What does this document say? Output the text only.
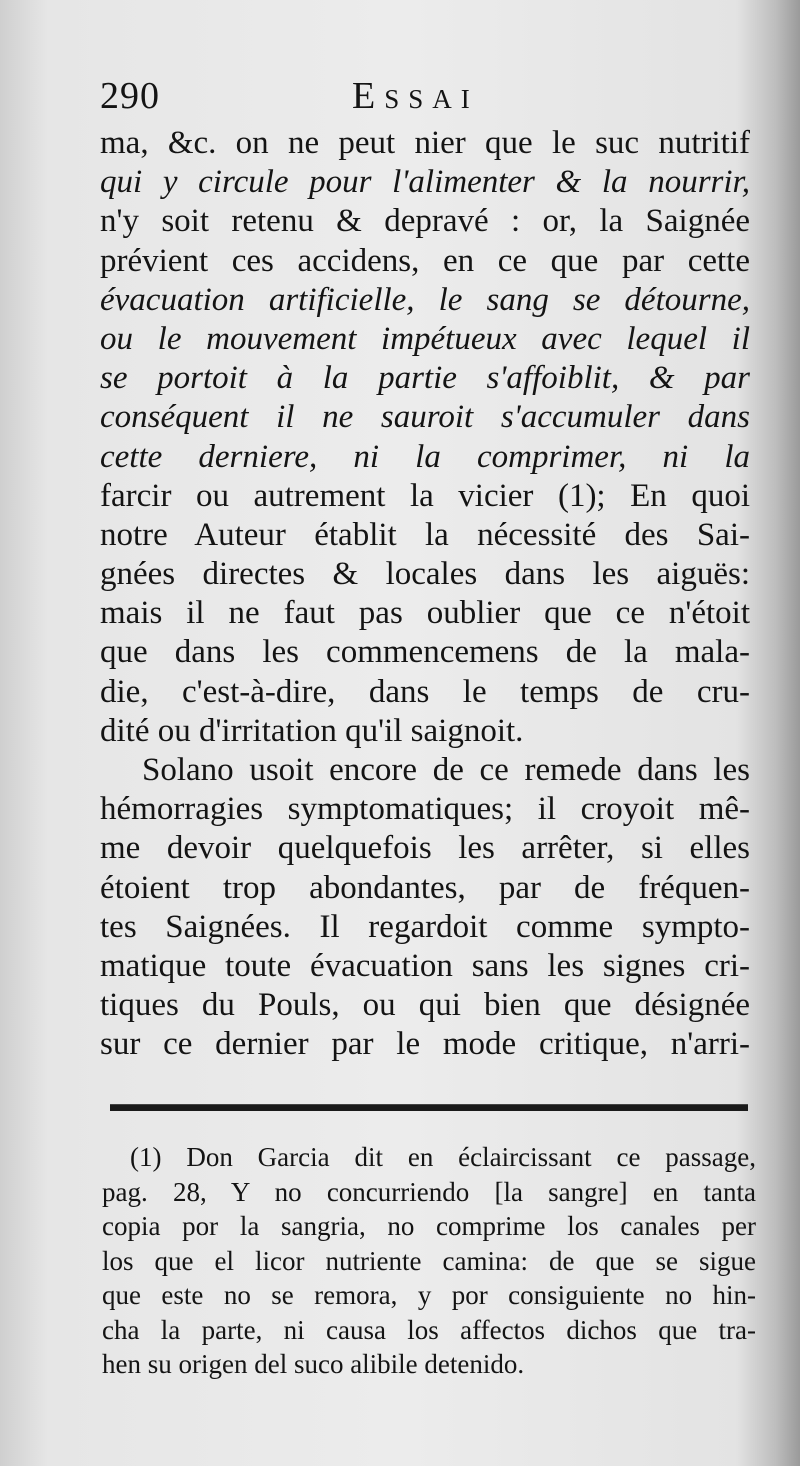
290	Essai
ma, &c. on ne peut nier que le suc nutritif
qui y circule pour l'alimenter & la nourrir,
n'y soit retenu & depravé : or, la Saignée
prévient ces accidens, en ce que par cette
évacuation artificielle, le sang se détourne,
ou le mouvement impétueux avec lequel il
se portoit à la partie s'affoiblit, & par
conséquent il ne sauroit s'accumuler dans
cette derniere, ni la comprimer, ni la
farcir ou autrement la vicier (1); En quoi
notre Auteur établit la nécessité des Sai-
gnées directes & locales dans les aiguës:
mais il ne faut pas oublier que ce n'étoit
que dans les commencemens de la mala-
die, c'est-à-dire, dans le temps de cru-
dité ou d'irritation qu'il saignoit.
Solano usoit encore de ce remede dans les
hémorragies symptomatiques; il croyoit mê-
me devoir quelquefois les arrêter, si elles
étoient trop abondantes, par de fréquen-
tes Saignées. Il regardoit comme sympto-
matique toute évacuation sans les signes cri-
tiques du Pouls, ou qui bien que désignée
sur ce dernier par le mode critique, n'arri-
(1) Don Garcia dit en éclaircissant ce passage,
pag. 28, Y no concurriendo [la sangre] en tanta
copia por la sangria, no comprime los canales per
los que el licor nutriente camina: de que se sigue
que este no se remora, y por consiguiente no hin-
cha la parte, ni causa los affectos dichos que tra-
hen su origen del suco alibile detenido.
